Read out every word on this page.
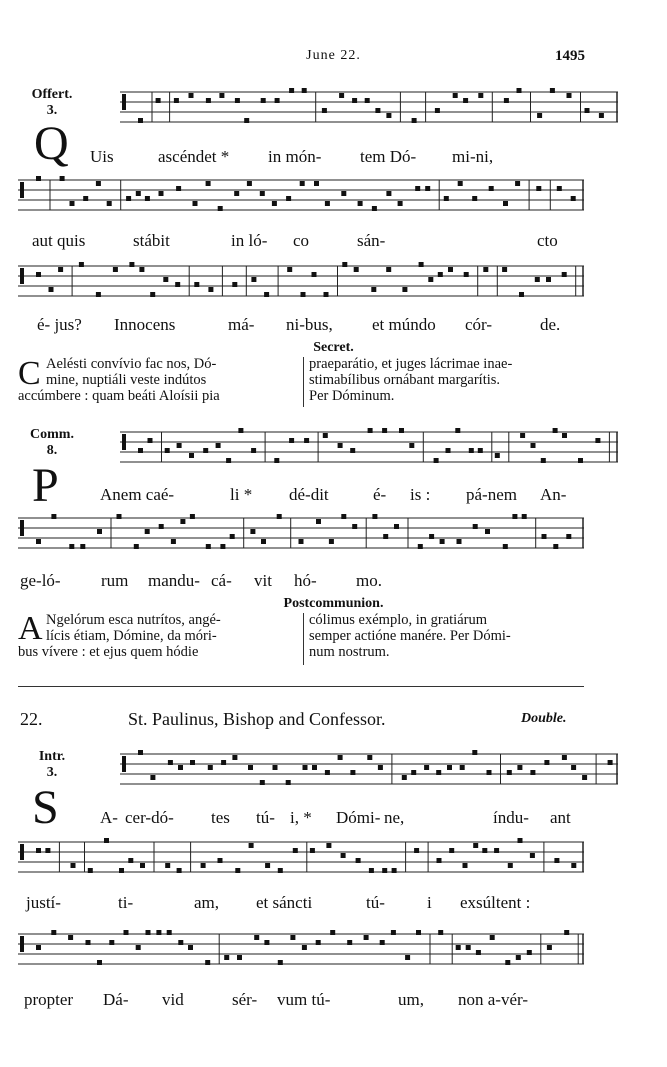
June 22.	1495
Offert.
3.
Q Uis	ascéndet * in món- tem Dó- mi-ni,
aut quis	stábit	in ló- co	sán-	cto
é- jus? Innocens	má- ni-bus, et múndo cór-	de.
Secret.
C Aelésti convívio fac nos, Dó-

mine, nuptiáli veste indútos

accúmbere : quam beáti Aloísii pia

praeparátio, et juges lácrimae inae-

stimabílibus ornábant margarítis.

Per Dóminum.

Comm.
8.
P Anem caé-	li * dé-dit	é- is : pá-nem An-
ge-ló- rum mandu- cá- vit hó- mo.
Postcommunion.
A Ngelórum esca nutrítos, angé-

lícis étiam, Dómine, da móri-

bus vívere : et ejus quem hódie

cólimus exémplo, in gratiárum

semper actióne manére. Per Dómi-

num nostrum.

22.	St. Paulinus, Bishop and Confessor.	Double.
Intr.
3.
S A- cer-dó- tes tú- i, * Dómi- ne,	índu- ant
justí-	ti-	am, et sáncti	tú- i exsúltent :
propter Dá- vid	sér- vum tú-	um, non a-vér-
